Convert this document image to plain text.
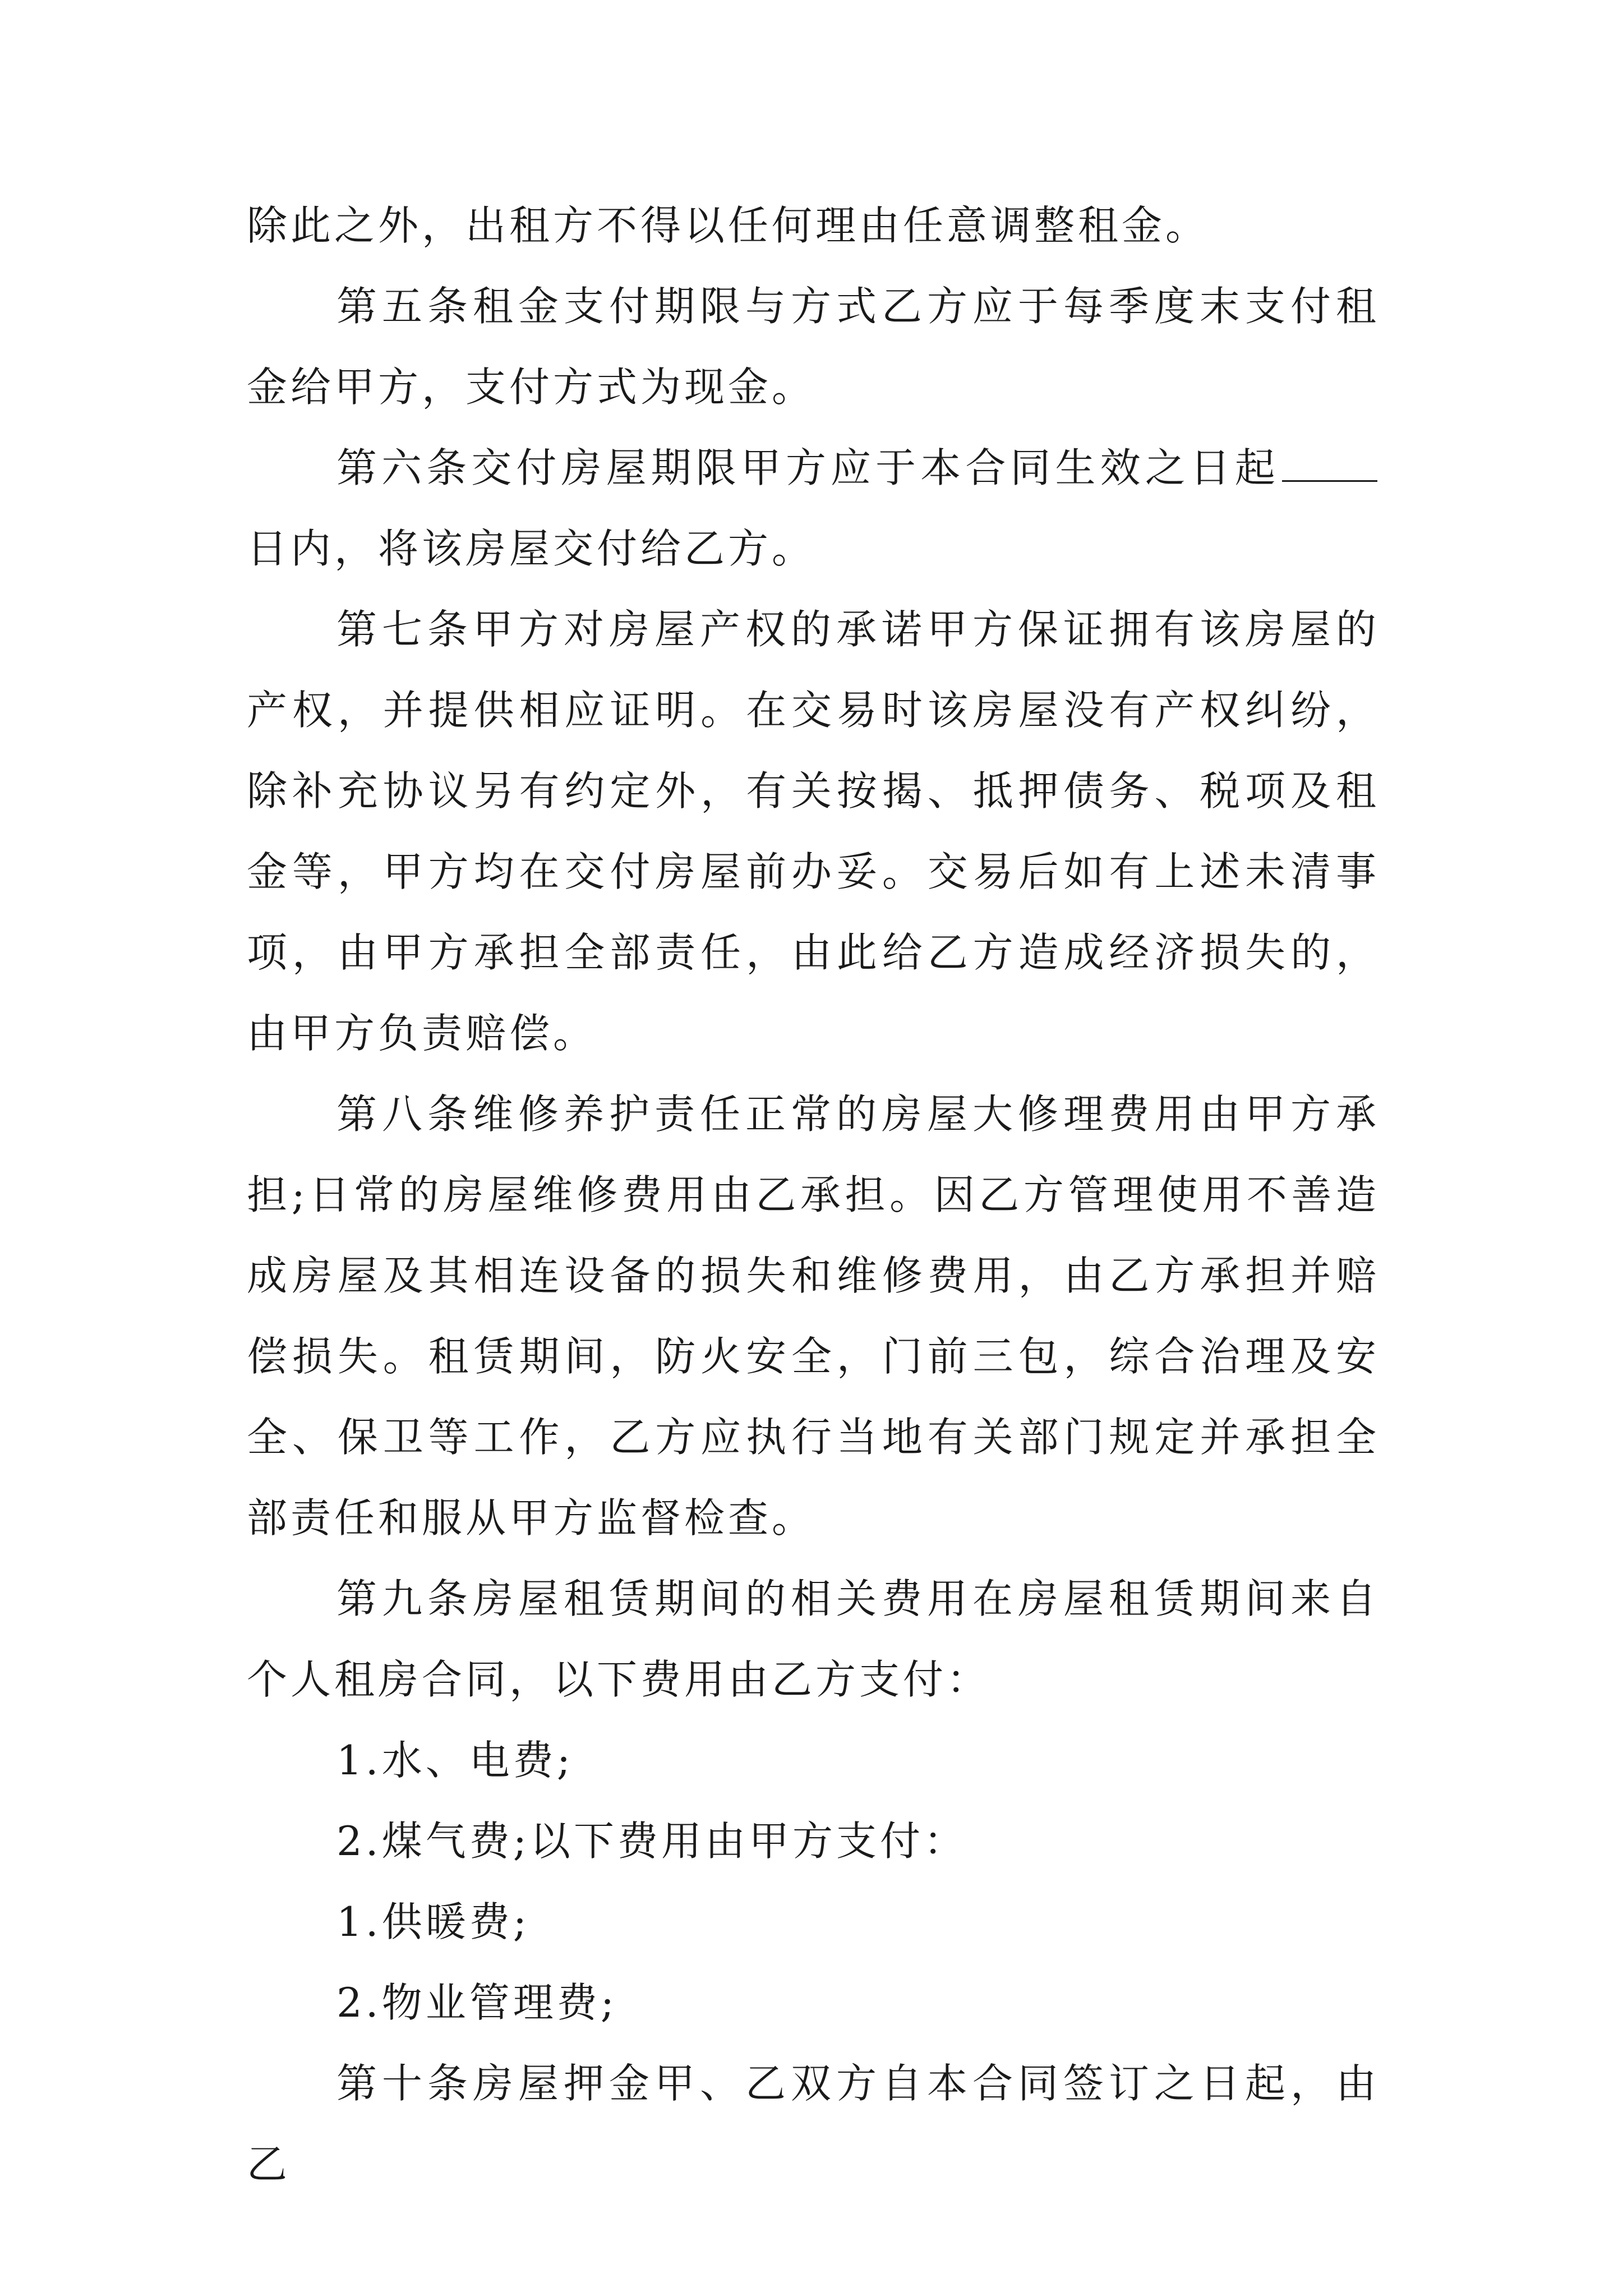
除此之外，出租方不得以任何理由任意调整租金。

第五条租金支付期限与方式乙方应于每季度末支付租金给甲方，支付方式为现金。

第六条交付房屋期限甲方应于本合同生效之日起日内，将该房屋交付给乙方。

第七条甲方对房屋产权的承诺甲方保证拥有该房屋的产权，并提供相应证明。在交易时该房屋没有产权纠纷，除补充协议另有约定外，有关按揭、抵押债务、税项及租金等，甲方均在交付房屋前办妥。交易后如有上述未清事项，由甲方承担全部责任，由此给乙方造成经济损失的，由甲方负责赔偿。

第八条维修养护责任正常的房屋大修理费用由甲方承担;日常的房屋维修费用由乙承担。因乙方管理使用不善造成房屋及其相连设备的损失和维修费用，由乙方承担并赔偿损失。租赁期间，防火安全，门前三包，综合治理及安全、保卫等工作，乙方应执行当地有关部门规定并承担全部责任和服从甲方监督检查。

第九条房屋租赁期间的相关费用在房屋租赁期间来自个人租房合同，以下费用由乙方支付：

1.水、电费;

2.煤气费;以下费用由甲方支付：

1.供暖费;

2.物业管理费;

第十条房屋押金甲、乙双方自本合同签订之日起，由乙
